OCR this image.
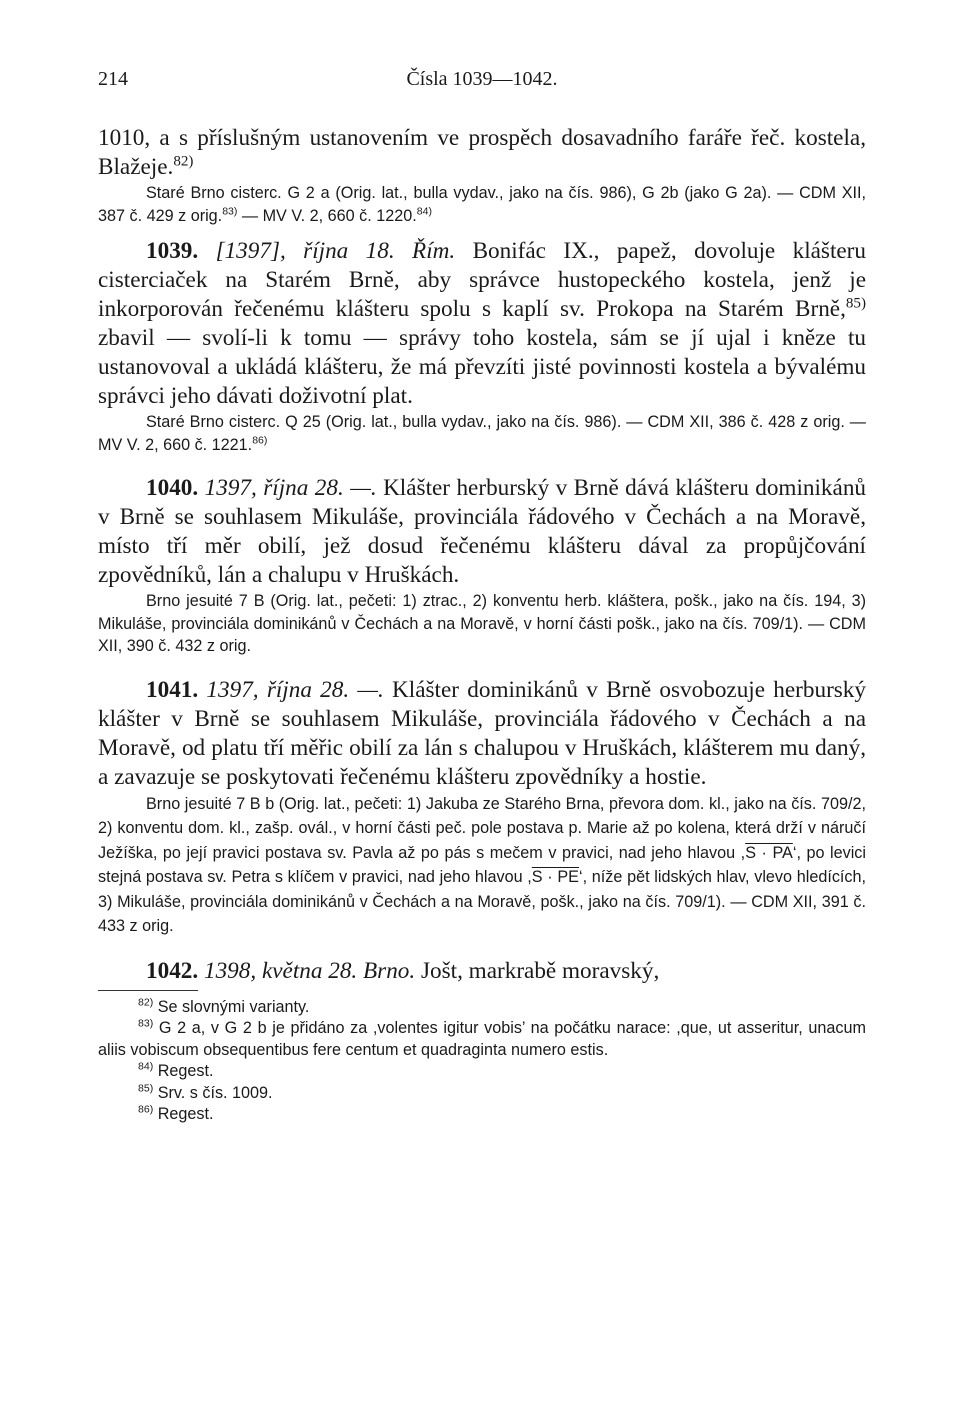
214	Čísla 1039—1042.

1010, a s příslušným ustanovením ve prospěch dosavadního faráře řeč. kostela, Blažeje.$^{82)}$

Staré Brno cisterc. G 2 a (Orig. lat., bulla vydav., jako na čís. 986), G 2b (jako G 2a). — CDM XII, 387 č. 429 z orig.$^{83)}$ — MV V. 2, 660 č. 1220.$^{84)}$

1039. [1397], října 18. Řím. Bonifác IX., papež, dovoluje klášteru cisterciaček na Starém Brně, aby správce hustopeckého kostela, jenž je inkorporován řečenému klášteru spolu s kaplí sv. Prokopa na Starém Brně,$^{85)}$ zbavil — svolí-li k tomu — správy toho kostela, sám se jí ujal i kněze tu ustanovoval a ukládá klášteru, že má převzíti jisté povinnosti kostela a bývalému správci jeho dávati doživotní plat.

Staré Brno cisterc. Q 25 (Orig. lat., bulla vydav., jako na čís. 986). — CDM XII, 386 č. 428 z orig. — MV V. 2, 660 č. 1221.$^{86)}$

1040. 1397, října 28. —. Klášter herburský v Brně dává klášteru dominikánů v Brně se souhlasem Mikuláše, provinciála řádového v Čechách a na Moravě, místo tří měr obilí, jež dosud řečenému klášteru dával za propůjčování zpovědníků, lán a chalupu v Hruškách.

Brno jesuité 7 B (Orig. lat., pečeti: 1) ztrac., 2) konventu herb. kláštera, pošk., jako na čís. 194, 3) Mikuláše, provinciála dominikánů v Čechách a na Moravě, v horní části pošk., jako na čís. 709/1). — CDM XII, 390 č. 432 z orig.

1041. 1397, října 28. —. Klášter dominikánů v Brně osvobozuje herburský klášter v Brně se souhlasem Mikuláše, provinciála řádového v Čechách a na Moravě, od platu tří měřic obilí za lán s chalupou v Hruškách, klášterem mu daný, a zavazuje se poskytovati řečenému klášteru zpovědníky a hostie.

Brno jesuité 7 B b (Orig. lat., pečeti: 1) Jakuba ze Starého Brna, převora dom. kl., jako na čís. 709/2, 2) konventu dom. kl., zašp. ovál., v horní části peč. pole postava p. Marie až po kolena, která drží v náručí Ježíška, po její pravici postava sv. Pavla až po pás s mečem v pravici, nad jeho hlavou ,S · PA‘, po levici stejná postava sv. Petra s klíčem v pravici, nad jeho hlavou ,S · PE‘, níže pět lidských hlav, vlevo hledících, 3) Mikuláše, provinciála dominikánů v Čechách a na Moravě, pošk., jako na čís. 709/1). — CDM XII, 391 č. 433 z orig.

1042. 1398, května 28. Brno. Jošt, markrabě moravský,

$^{82)}$ Se slovnými varianty.

$^{83)}$ G 2 a, v G 2 b je přidáno za ,volentes igitur vobis’ na počátku narace: ,que, ut asseritur, unacum aliis vobiscum obsequentibus fere centum et quadraginta numero estis.

$^{84)}$ Regest.

$^{85)}$ Srv. s čís. 1009.

$^{86)}$ Regest.
